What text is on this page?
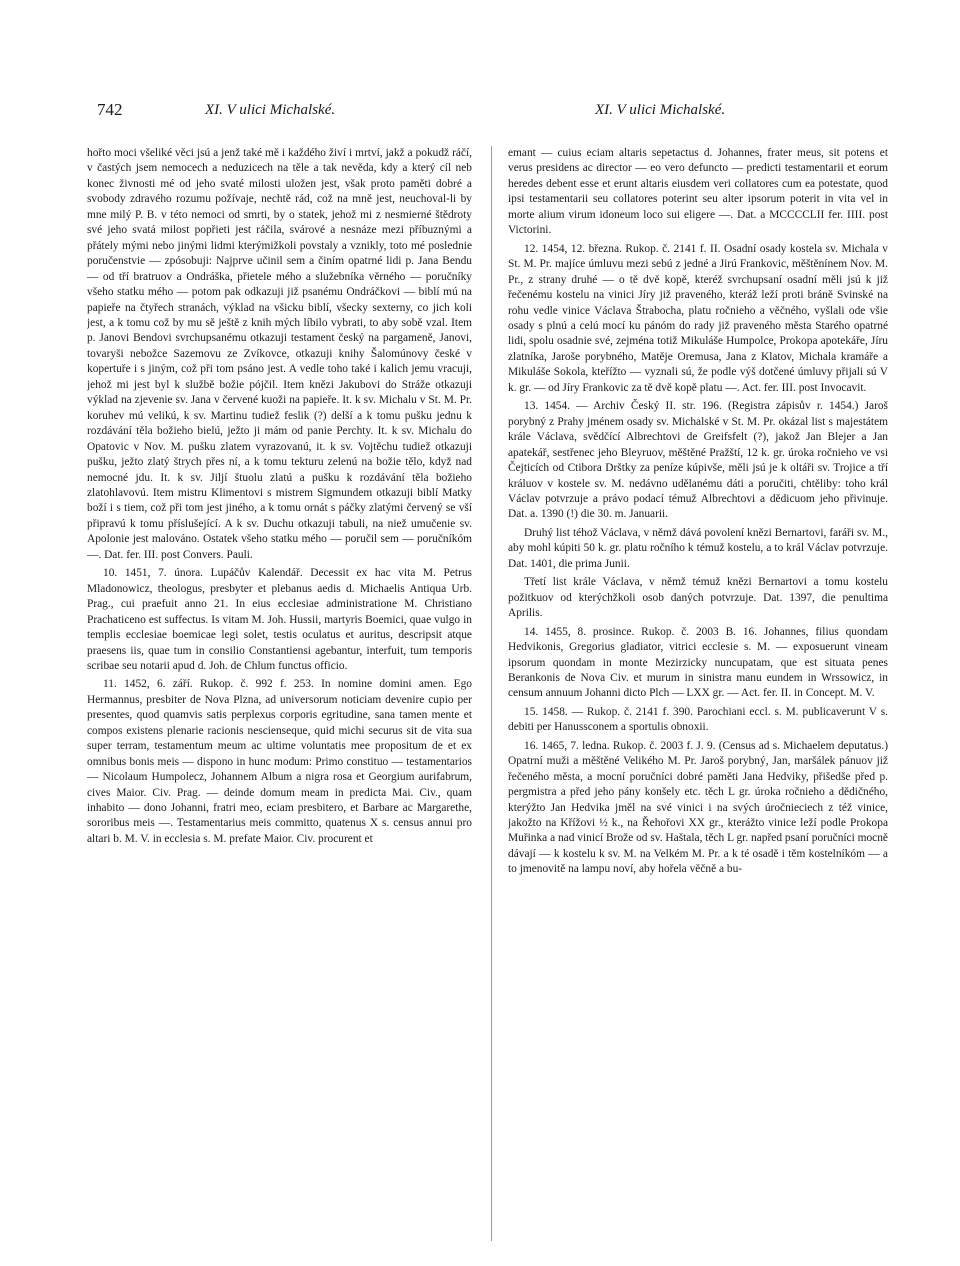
742	XI. V ulici Michalské.	XI. V ulici Michalské.

hořto moci všeliké věci jsú a jenž také mě i každého živí i mrtví, jakž a pokudž ráčí, v častých jsem nemocech a neduzicech na těle a tak nevěda, kdy a který cíl neb konec živnosti mé od jeho svaté milosti uložen jest, však proto paměti dobré a svobody zdravého rozumu požívaje, nechtě rád, což na mně jest, neuchoval-li by mne milý P. B. v této nemoci od smrti, by o statek, jehož mi z nesmierné štědroty své jeho svatá milost popřieti jest ráčila, svárové a nesnáze mezi příbuznými a přátely mými nebo jinými lidmi kterýmižkoli povstaly a vznikly, toto mé poslednie poručenstvie — zpósobuji: Najprve učinil sem a činím opatrné lidi p. Jana Bendu — od tří bratruov a Ondráška, přietele mého a služebníka věrného — poručníky všeho statku mého — potom pak odkazuji již psanému Ondráčkovi — biblí mú na papieře na čtyřech stranách, výklad na všicku biblí, všecky sexterny, co jich koli jest, a k tomu což by mu sě ještě z knih mých líbilo vybrati, to aby sobě vzal. Item p. Janovi Bendovi svrchupsanému otkazuji testament český na pargameně, Janovi, tovaryši nebožce Sazemovu ze Zvíkovce, otkazuji knihy Šalomúnovy české v kopertuře i s jiným, což při tom psáno jest. A vedle toho také i kalich jemu vracuji, jehož mi jest byl k službě božie pójčil. Item knězi Jakubovi do Stráže otkazuji výklad na zjevenie sv. Jana v červené kuoži na papieře. It. k sv. Michalu v St. M. Pr. koruhev mú velikú, k sv. Martinu tudiež feslik (?) delší a k tomu pušku jednu k rozdávání těla božieho bielú, ježto ji mám od panie Perchty. It. k sv. Michalu do Opatovic v Nov. M. pušku zlatem vyrazovanú, it. k sv. Vojtěchu tudiež otkazuji pušku, ježto zlatý štrych přes ní, a k tomu tekturu zelenú na božie tělo, když nad nemocné jdu. It. k sv. Jiljí štuolu zlatú a pušku k rozdávání těla božieho zlatohlavovú. Item mistru Klimentovi s mistrem Sigmundem otkazuji biblí Matky boží i s tiem, což při tom jest jiného, a k tomu ornát s páčky zlatými červený se vší připravú k tomu příslušející. A k sv. Duchu otkazuji tabuli, na niež umučenie sv. Apolonie jest malováno. Ostatek všeho statku mého — poručil sem — poručníkóm —. Dat. fer. III. post Convers. Pauli.

10. 1451, 7. února. Lupáčův Kalendář. Decessit ex hac vita M. Petrus Mladonowicz, theologus, presbyter et plebanus aedis d. Michaelis Antiqua Urb. Prag., cui praefuit anno 21. In eius ecclesiae administratione M. Christiano Prachaticeno est suffectus. Is vitam M. Joh. Hussii, martyris Boemici, quae vulgo in templis ecclesiae boemicae legi solet, testis oculatus et auritus, descripsit atque praesens iis, quae tum in consilio Constantiensi agebantur, interfuit, tum temporis scribae seu notarii apud d. Joh. de Chlum functus officio.

11. 1452, 6. září. Rukop. č. 992 f. 253. In nomine domini amen. Ego Hermannus, presbiter de Nova Plzna, ad universorum noticiam devenire cupio per presentes, quod quamvis satis perplexus corporis egritudine, sana tamen mente et compos existens plenarie racionis nescienseque, quid michi securus sit de vita sua super terram, testamentum meum ac ultime voluntatis mee propositum de et ex omnibus bonis meis — dispono in hunc modum: Primo constituo — testamentarios — Nicolaum Humpolecz, Johannem Album a nigra rosa et Georgium aurifabrum, cives Maior. Civ. Prag. — deinde domum meam in predicta Mai. Civ., quam inhabito — dono Johanni, fratri meo, eciam presbitero, et Barbare ac Margarethe, sororibus meis —. Testamentarius meis committo, quatenus X s. census annui pro altari b. M. V. in ecclesia s. M. prefate Maior. Civ. procurent et

emant — cuius eciam altaris sepetactus d. Johannes, frater meus, sit potens et verus presidens ac director — eo vero defuncto — predicti testamentarii et eorum heredes debent esse et erunt altaris eiusdem veri collatores cum ea potestate, quod ipsi testamentarii seu collatores poterint seu alter ipsorum poterit in vita vel in morte alium virum idoneum loco sui eligere —. Dat. a MCCCCLII fer. IIII. post Victorini.

12. 1454, 12. března. Rukop. č. 2141 f. II. Osadní osady kostela sv. Michala v St. M. Pr. majíce úmluvu mezi sebú z jedné a Jirú Frankovic, měštěnínem Nov. M. Pr., z strany druhé — o tě dvě kopě, kteréž svrchupsaní osadní měli jsú k již řečenému kostelu na vinici Jíry již praveného, kteráž leží proti bráně Svinské na rohu vedle vinice Václava Štrabocha, platu ročnieho a věčného, vyšlali ode všie osady s plnú a celú mocí ku pánóm do rady již praveného města Starého opatrné lidi, spolu osadnie své, zejména totiž Mikuláše Humpolce, Prokopa apotekáře, Jíru zlatníka, Jaroše porybného, Matěje Oremusa, Jana z Klatov, Michala kramáře a Mikuláše Sokola, kteřížto — vyznali sú, že podle výš dotčené úmluvy přijali sú V k. gr. — od Jíry Frankovic za tě dvě kopě platu —. Act. fer. III. post Invocavit.

13. 1454. — Archiv Český II. str. 196. (Registra zápisův r. 1454.) Jaroš porybný z Prahy jménem osady sv. Michalské v St. M. Pr. okázal list s majestátem krále Václava, svědčící Albrechtovi de Greifsfelt (?), jakož Jan Blejer a Jan apatekář, sestřenec jeho Bleyruov, měštěné Pražští, 12 k. gr. úroka ročnieho ve vsi Čejticích od Ctibora Drštky za peníze kúpivše, měli jsú je k oltáři sv. Trojice a tří králuov v kostele sv. M. nedávno udělanému dáti a poručiti, chtěliby: toho král Václav potvrzuje a právo podací témuž Albrechtovi a dědicuom jeho přivinuje. Dat. a. 1390 (!) die 30. m. Januarii.

Druhý list téhož Václava, v němž dává povolení knězi Bernartovi, faráři sv. M., aby mohl kúpiti 50 k. gr. platu ročního k témuž kostelu, a to král Václav potvrzuje. Dat. 1401, die prima Junii.

Třetí list krále Václava, v němž témuž knězi Bernartovi a tomu kostelu požitkuov od kterýchžkoli osob daných potvrzuje. Dat. 1397, die penultima Aprilis.

14. 1455, 8. prosince. Rukop. č. 2003 B. 16. Johannes, filius quondam Hedvikonis, Gregorius gladiator, vitrici ecclesie s. M. — exposuerunt vineam ipsorum quondam in monte Mezirzicky nuncupatam, que est situata penes Berankonis de Nova Civ. et murum in sinistra manu eundem in Wrssowicz, in censum annuum Johanni dicto Plch — LXX gr. — Act. fer. II. in Concept. M. V.

15. 1458. — Rukop. č. 2141 f. 390. Parochiani eccl. s. M. publicaverunt V s. debiti per Hanussconem a sportulis obnoxii.

16. 1465, 7. ledna. Rukop. č. 2003 f. J. 9. (Census ad s. Michaelem deputatus.) Opatrní muži a měštěné Velikého M. Pr. Jaroš porybný, Jan, maršálek pánuov již řečeného města, a mocní poručníci dobré paměti Jana Hedviky, přišedše před p. pergmistra a před jeho pány konšely etc. těch L gr. úroka ročnieho a dědičného, kterýžto Jan Hedvika jměl na své vinici i na svých úročnieciech z též vinice, jakožto na Křížovi ½ k., na Řehořovi XX gr., kterážto vinice leží podle Prokopa Muřinka a nad vinicí Brože od sv. Haštala, těch L gr. napřed psaní poručníci mocně dávají — k kostelu k sv. M. na Velkém M. Pr. a k té osadě i těm kostelníkóm — a to jmenovitě na lampu noví, aby hořela věčně a bu-
